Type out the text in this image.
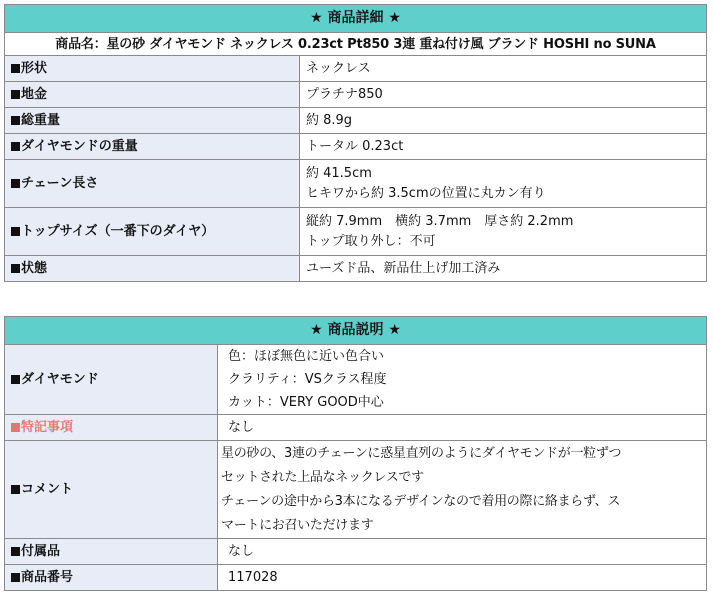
★ 商品詳細 ★	
商品名：星の砂 ダイヤモンド ネックレス 0.23ct Pt850 3連 重ね付け風 ブランド HOSHI no SUNA	
形状	ネックレス

地金	プラチナ850

総重量	約 8.9g

ダイヤモンドの重量	トータル 0.23ct

チェーン長さ	約 41.5cm
ヒキワから約 3.5cmの位置に丸カン有り

トップサイズ（一番下のダイヤ）	縦約 7.9mm　横約 3.7mm　厚さ約 2.2mm
トップ取り外し：不可

状態	ユーズド品、新品仕上げ加工済み
★ 商品説明 ★	
ダイヤモンド	色：ほぼ無色に近い色合い
クラリティ：VSクラス程度
カット：VERY GOOD中心

特記事項	なし

コメント	星の砂の、3連のチェーンに惑星直列のようにダイヤモンドが一粒ずつ
セットされた上品なネックレスです
チェーンの途中から3本になるデザインなので着用の際に絡まらず、ス
マートにお召いただけます

付属品	なし

商品番号	117028
